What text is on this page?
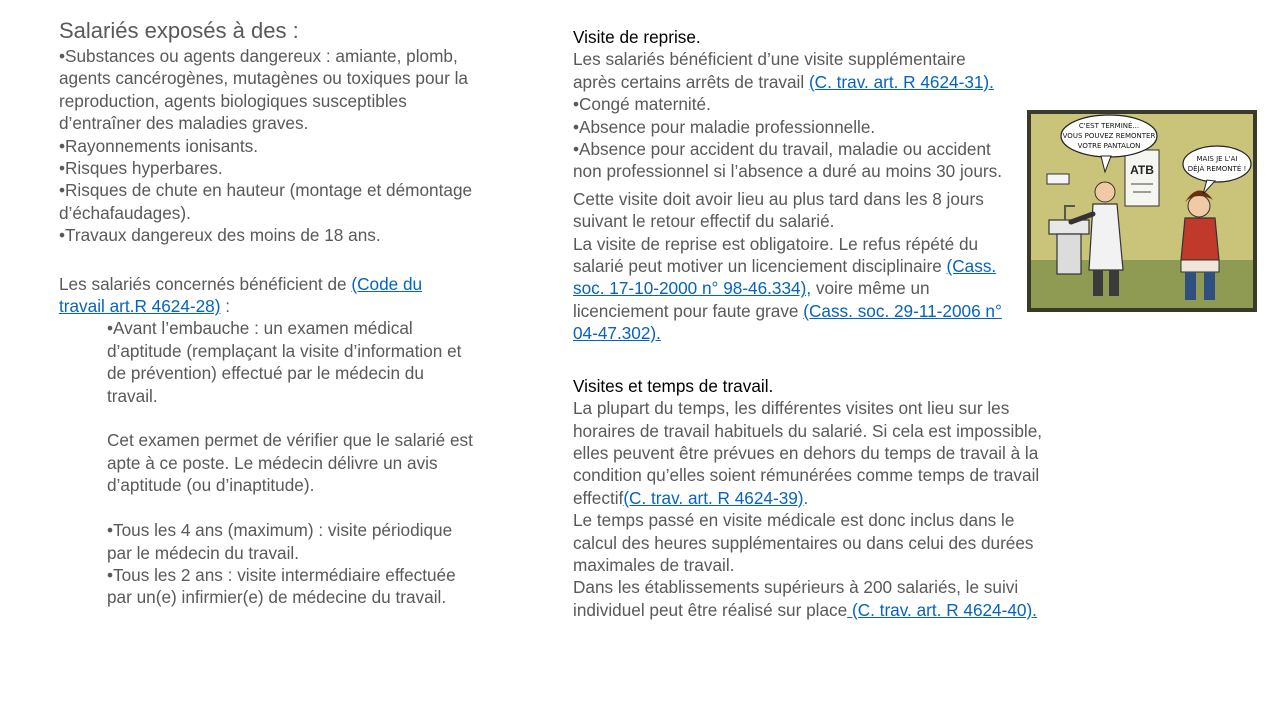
Salariés exposés à des :

•Substances ou agents dangereux : amiante, plomb, agents cancérogènes, mutagènes ou toxiques pour la reproduction, agents biologiques susceptibles d’entraîner des maladies graves.

•Rayonnements ionisants.

•Risques hyperbares.

•Risques de chute en hauteur (montage et démontage d’échafaudages).

•Travaux dangereux des moins de 18 ans.

Les salariés concernés bénéficient de (Code du travail art.R 4624-28) :

•Avant l’embauche : un examen médical d’aptitude (remplaçant la visite d’information et de prévention) effectué par le médecin du travail.

Cet examen permet de vérifier que le salarié est apte à ce poste. Le médecin délivre un avis d’aptitude (ou d’inaptitude).

•Tous les 4 ans (maximum) : visite périodique par le médecin du travail.

•Tous les 2 ans : visite intermédiaire effectuée par un(e) infirmier(e) de médecine du travail.

Visite de reprise.

Les salariés bénéficient d’une visite supplémentaire après certains arrêts de travail (C. trav. art. R 4624-31).

•Congé maternité.

•Absence pour maladie professionnelle.

•Absence pour accident du travail, maladie ou accident non professionnel si l’absence a duré au moins 30 jours.

Cette visite doit avoir lieu au plus tard dans les 8 jours suivant le retour effectif du salarié.

La visite de reprise est obligatoire. Le refus répété du salarié peut motiver un licenciement disciplinaire (Cass. soc. 17-10-2000 n° 98-46.334), voire même un licenciement pour faute grave (Cass. soc. 29-11-2006 n° 04-47.302).

Visites et temps de travail.

La plupart du temps, les différentes visites ont lieu sur les horaires de travail habituels du salarié. Si cela est impossible, elles peuvent être prévues en dehors du temps de travail à la condition qu’elles soient rémunérées comme temps de travail effectif(C. trav. art. R 4624-39).

Le temps passé en visite médicale est donc inclus dans le calcul des heures supplémentaires ou dans celui des durées maximales de travail.

Dans les établissements supérieurs à 200 salariés, le suivi individuel peut être réalisé sur place (C. trav. art. R 4624-40).

ATB
C'EST TERMINÉ...
VOUS POUVEZ REMONTER
VOTRE PANTALON
MAIS JE L'AI
DÉJÀ REMONTÉ !
